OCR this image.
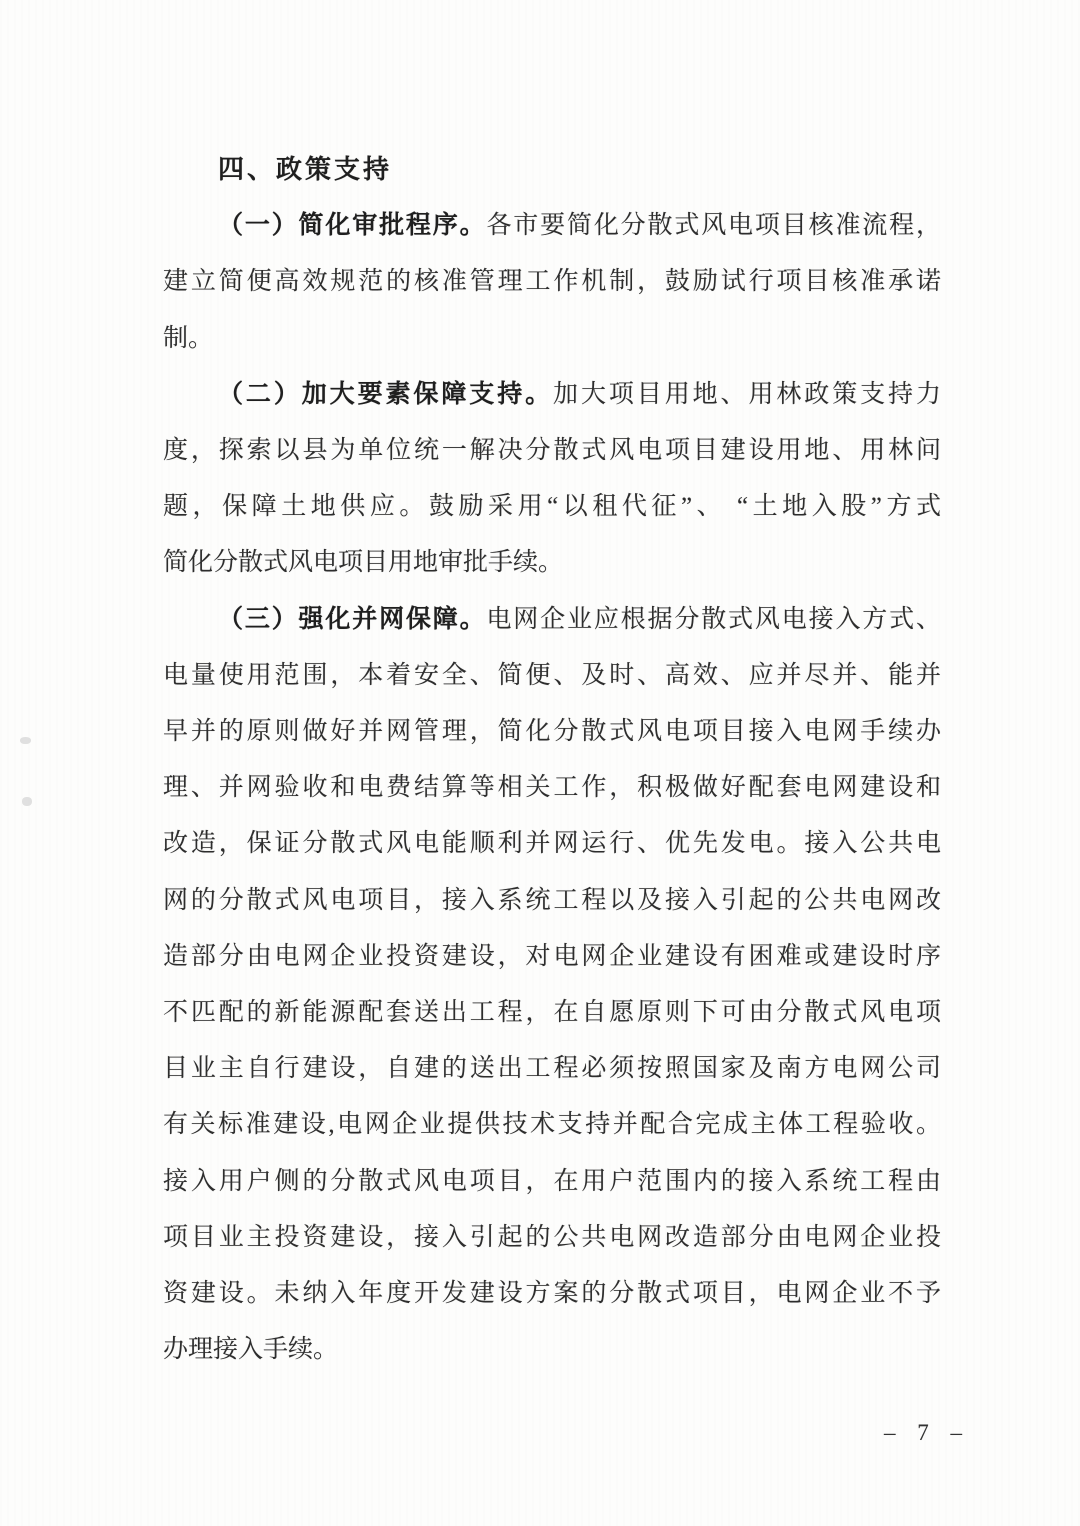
四、政策支持
（一）简化审批程序。各市要简化分散式风电项目核准流程，
建立简便高效规范的核准管理工作机制，鼓励试行项目核准承诺
制。
（二）加大要素保障支持。加大项目用地、用林政策支持力
度，探索以县为单位统一解决分散式风电项目建设用地、用林问
题，保障土地供应。鼓励采用“以租代征”、 “土地入股”方式
简化分散式风电项目用地审批手续。
（三）强化并网保障。电网企业应根据分散式风电接入方式、
电量使用范围，本着安全、简便、及时、高效、应并尽并、能并
早并的原则做好并网管理，简化分散式风电项目接入电网手续办
理、并网验收和电费结算等相关工作，积极做好配套电网建设和
改造，保证分散式风电能顺利并网运行、优先发电。接入公共电
网的分散式风电项目，接入系统工程以及接入引起的公共电网改
造部分由电网企业投资建设，对电网企业建设有困难或建设时序
不匹配的新能源配套送出工程，在自愿原则下可由分散式风电项
目业主自行建设，自建的送出工程必须按照国家及南方电网公司
有关标准建设,电网企业提供技术支持并配合完成主体工程验收。
接入用户侧的分散式风电项目，在用户范围内的接入系统工程由
项目业主投资建设，接入引起的公共电网改造部分由电网企业投
资建设。未纳入年度开发建设方案的分散式项目，电网企业不予
办理接入手续。
– 7 –
